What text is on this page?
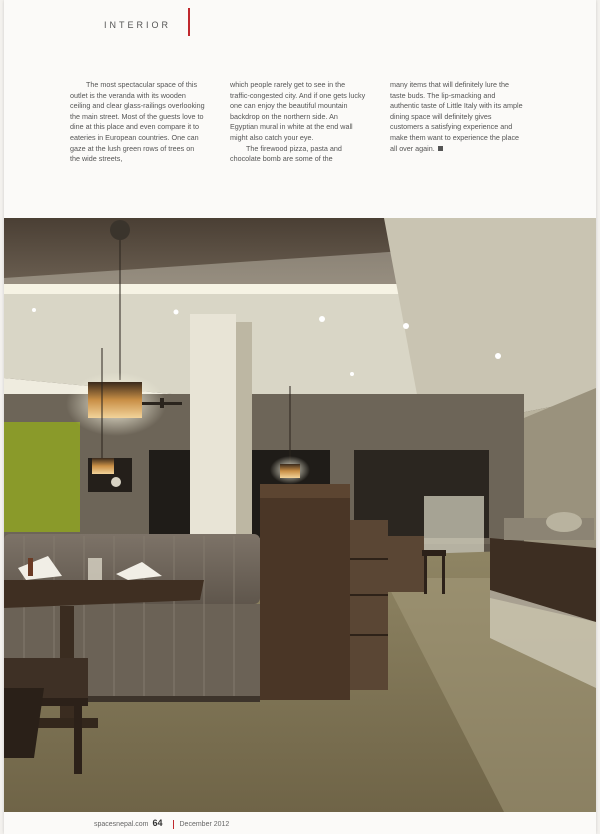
INTERIOR

The most spectacular space of this outlet is the veranda with its wooden ceiling and clear glass-railings overlooking the main street. Most of the guests love to dine at this place and even compare it to eateries in European countries. One can gaze at the lush green rows of trees on the wide streets,

which people rarely get to see in the traffic-congested city. And if one gets lucky one can enjoy the beautiful mountain backdrop on the northern side. An Egyptian mural in white at the end wall might also catch your eye.

The firewood pizza, pasta and chocolate bomb are some of the

many items that will definitely lure the taste buds. The lip-smacking and authentic taste of Little Italy with its ample dining space will definitely gives customers a satisfying experience and make them want to experience the place all over again.

spacesnepal.com 64 December 2012
